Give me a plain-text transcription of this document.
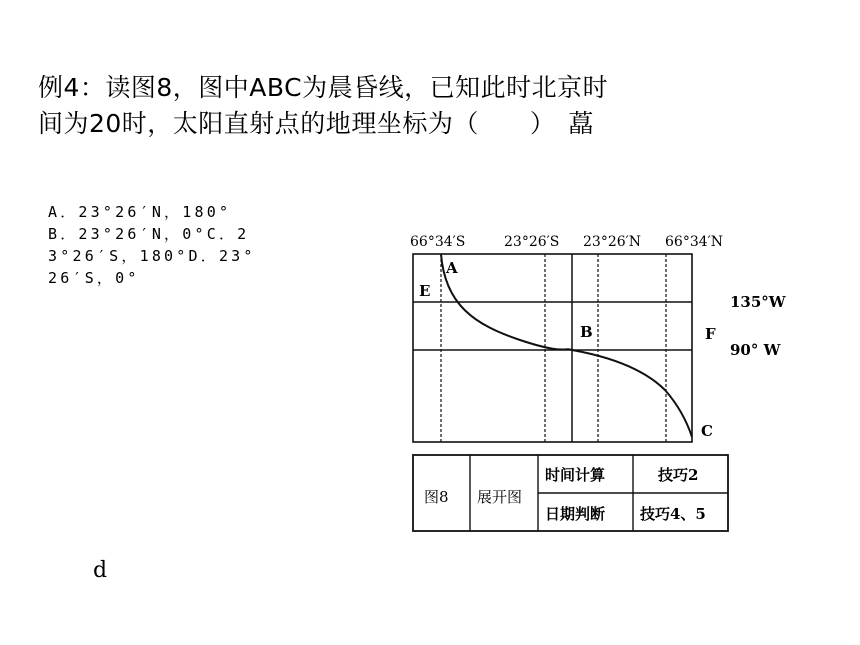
例4：读图8，图中ABC为晨昏线，已知此时北京时
间为20时，太阳直射点的地理坐标为（　　）　藠
A．23°26′N，180°
B．23°26′N，0°C．2
3°26′S，180°D．23°
26′S，0°
66°34′S	23°26′S 23°26′N 66°34′N
A
E
B	F
C
135°W
90° W
图8 展开图
时间计算	技巧2
日期判断 技巧4、5
d
